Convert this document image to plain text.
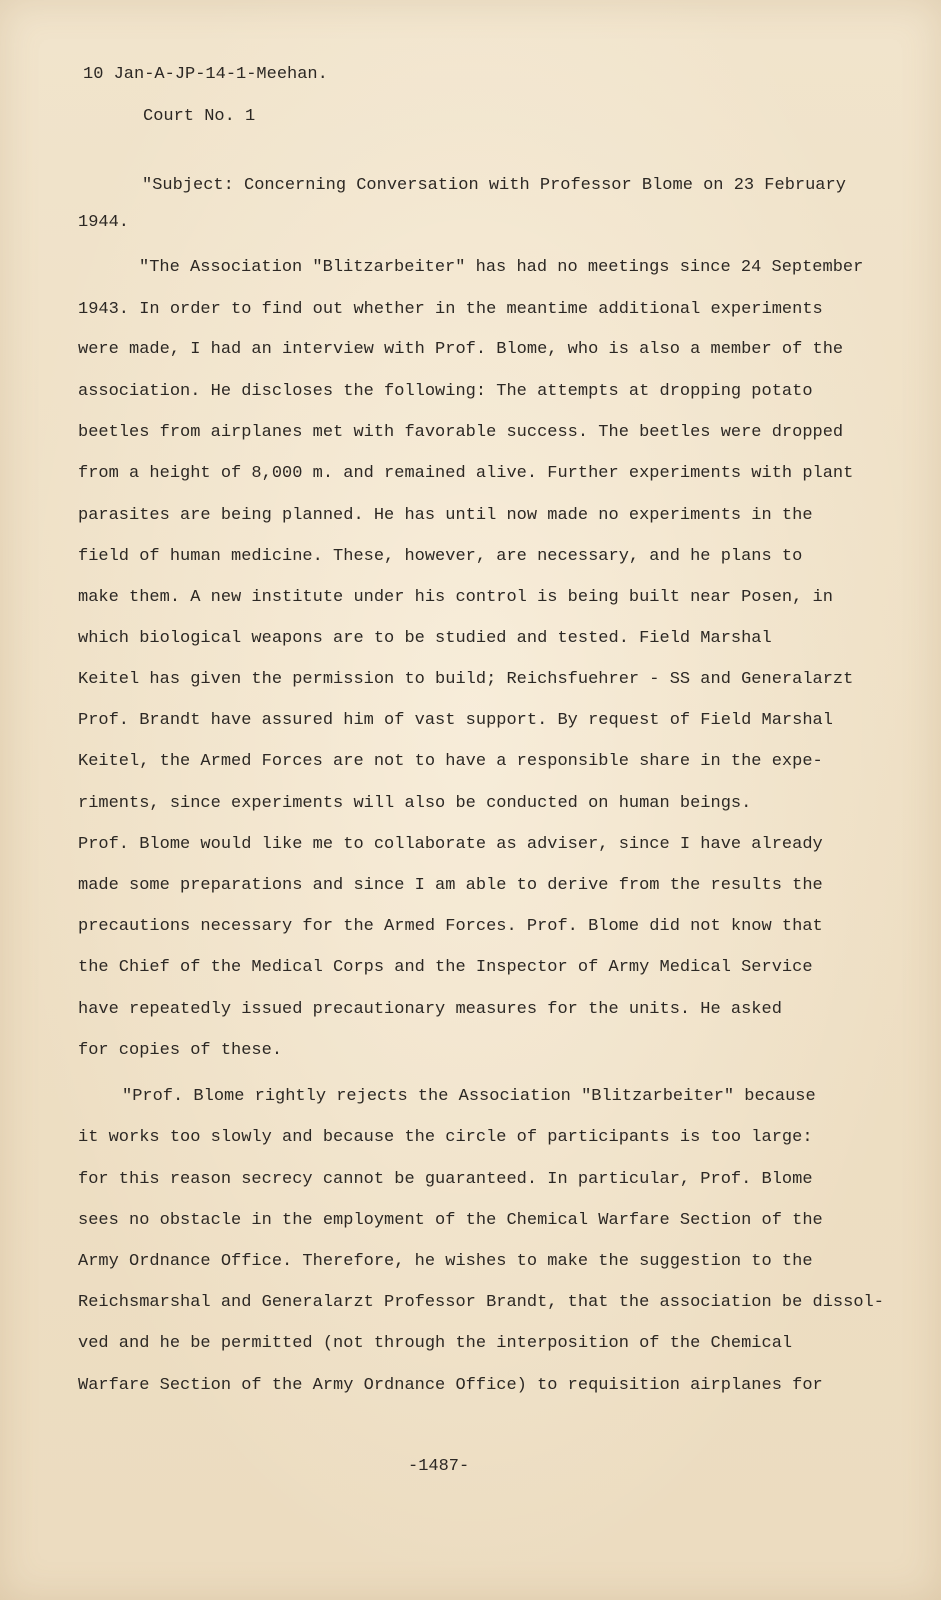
10 Jan-A-JP-14-1-Meehan.
Court No. 1
"Subject: Concerning Conversation with Professor Blome on 23 February
1944.
"The Association "Blitzarbeiter" has had no meetings since 24 September
1943. In order to find out whether in the meantime additional experiments
were made, I had an interview with Prof. Blome, who is also a member of the
association. He discloses the following: The attempts at dropping potato
beetles from airplanes met with favorable success. The beetles were dropped
from a height of 8,000 m. and remained alive. Further experiments with plant
parasites are being planned. He has until now made no experiments in the
field of human medicine. These, however, are necessary, and he plans to
make them. A new institute under his control is being built near Posen, in
which biological weapons are to be studied and tested. Field Marshal
Keitel has given the permission to build; Reichsfuehrer - SS and Generalarzt
Prof. Brandt have assured him of vast support. By request of Field Marshal
Keitel, the Armed Forces are not to have a responsible share in the expe-
riments, since experiments will also be conducted on human beings.
Prof. Blome would like me to collaborate as adviser, since I have already
made some preparations and since I am able to derive from the results the
precautions necessary for the Armed Forces. Prof. Blome did not know that
the Chief of the Medical Corps and the Inspector of Army Medical Service
have repeatedly issued precautionary measures for the units. He asked
for copies of these.
"Prof. Blome rightly rejects the Association "Blitzarbeiter" because
it works too slowly and because the circle of participants is too large:
for this reason secrecy cannot be guaranteed. In particular, Prof. Blome
sees no obstacle in the employment of the Chemical Warfare Section of the
Army Ordnance Office. Therefore, he wishes to make the suggestion to the
Reichsmarshal and Generalarzt Professor Brandt, that the association be dissol-
ved and he be permitted (not through the interposition of the Chemical
Warfare Section of the Army Ordnance Office) to requisition airplanes for
-1487-
